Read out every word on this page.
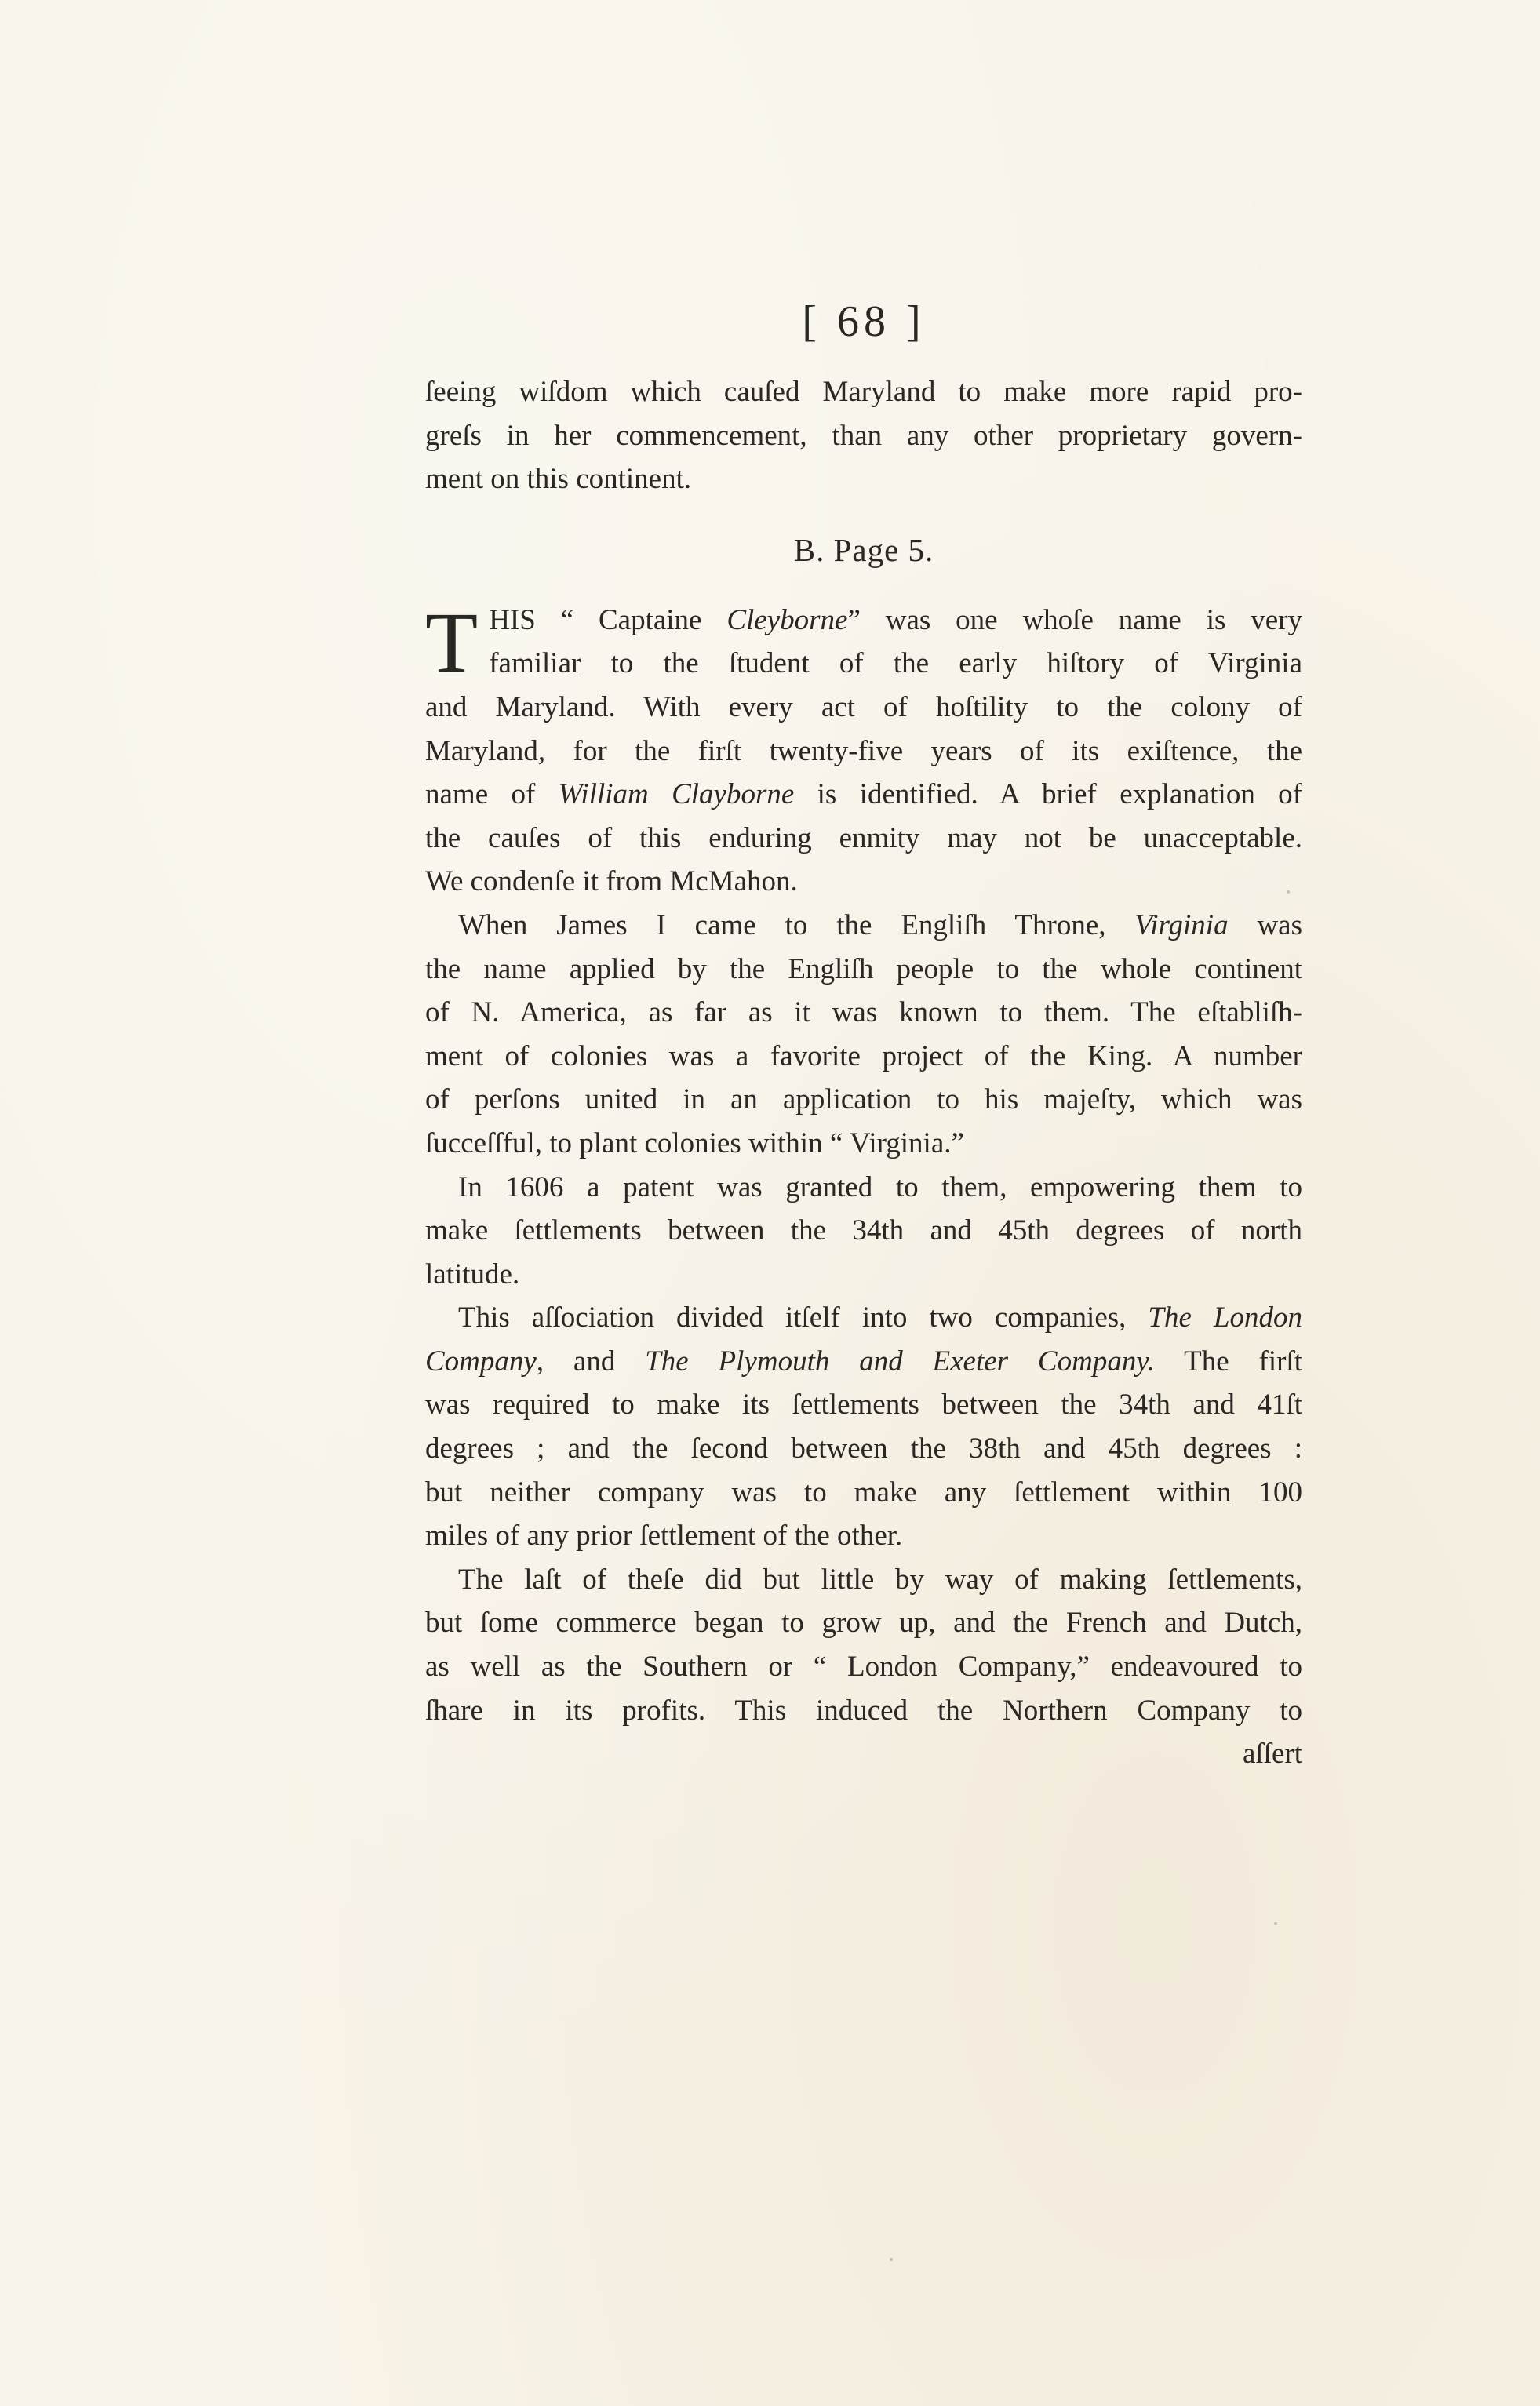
[ 68 ]
ſeeing wiſdom which cauſed Maryland to make more rapid pro-
greſs in her commencement, than any other proprietary govern-
ment on this continent.
B. Page 5.
T HIS “ Captaine Cleyborne” was one whoſe name is very
familiar to the ſtudent of the early hiſtory of Virginia
and Maryland. With every act of hoſtility to the colony of
Maryland, for the firſt twenty-five years of its exiſtence, the
name of William Clayborne is identified. A brief explanation of
the cauſes of this enduring enmity may not be unacceptable.
We condenſe it from McMahon.
When James I came to the Engliſh Throne, Virginia was
the name applied by the Engliſh people to the whole continent
of N. America, as far as it was known to them. The eſtabliſh-
ment of colonies was a favorite project of the King. A number
of perſons united in an application to his majeſty, which was
ſucceſſful, to plant colonies within “ Virginia.”
In 1606 a patent was granted to them, empowering them to
make ſettlements between the 34th and 45th degrees of north
latitude.
This aſſociation divided itſelf into two companies, The London
Company, and The Plymouth and Exeter Company. The firſt
was required to make its ſettlements between the 34th and 41ſt
degrees ; and the ſecond between the 38th and 45th degrees :
but neither company was to make any ſettlement within 100
miles of any prior ſettlement of the other.
The laſt of theſe did but little by way of making ſettlements,
but ſome commerce began to grow up, and the French and Dutch,
as well as the Southern or “ London Company,” endeavoured to
ſhare in its profits. This induced the Northern Company to
aſſert
